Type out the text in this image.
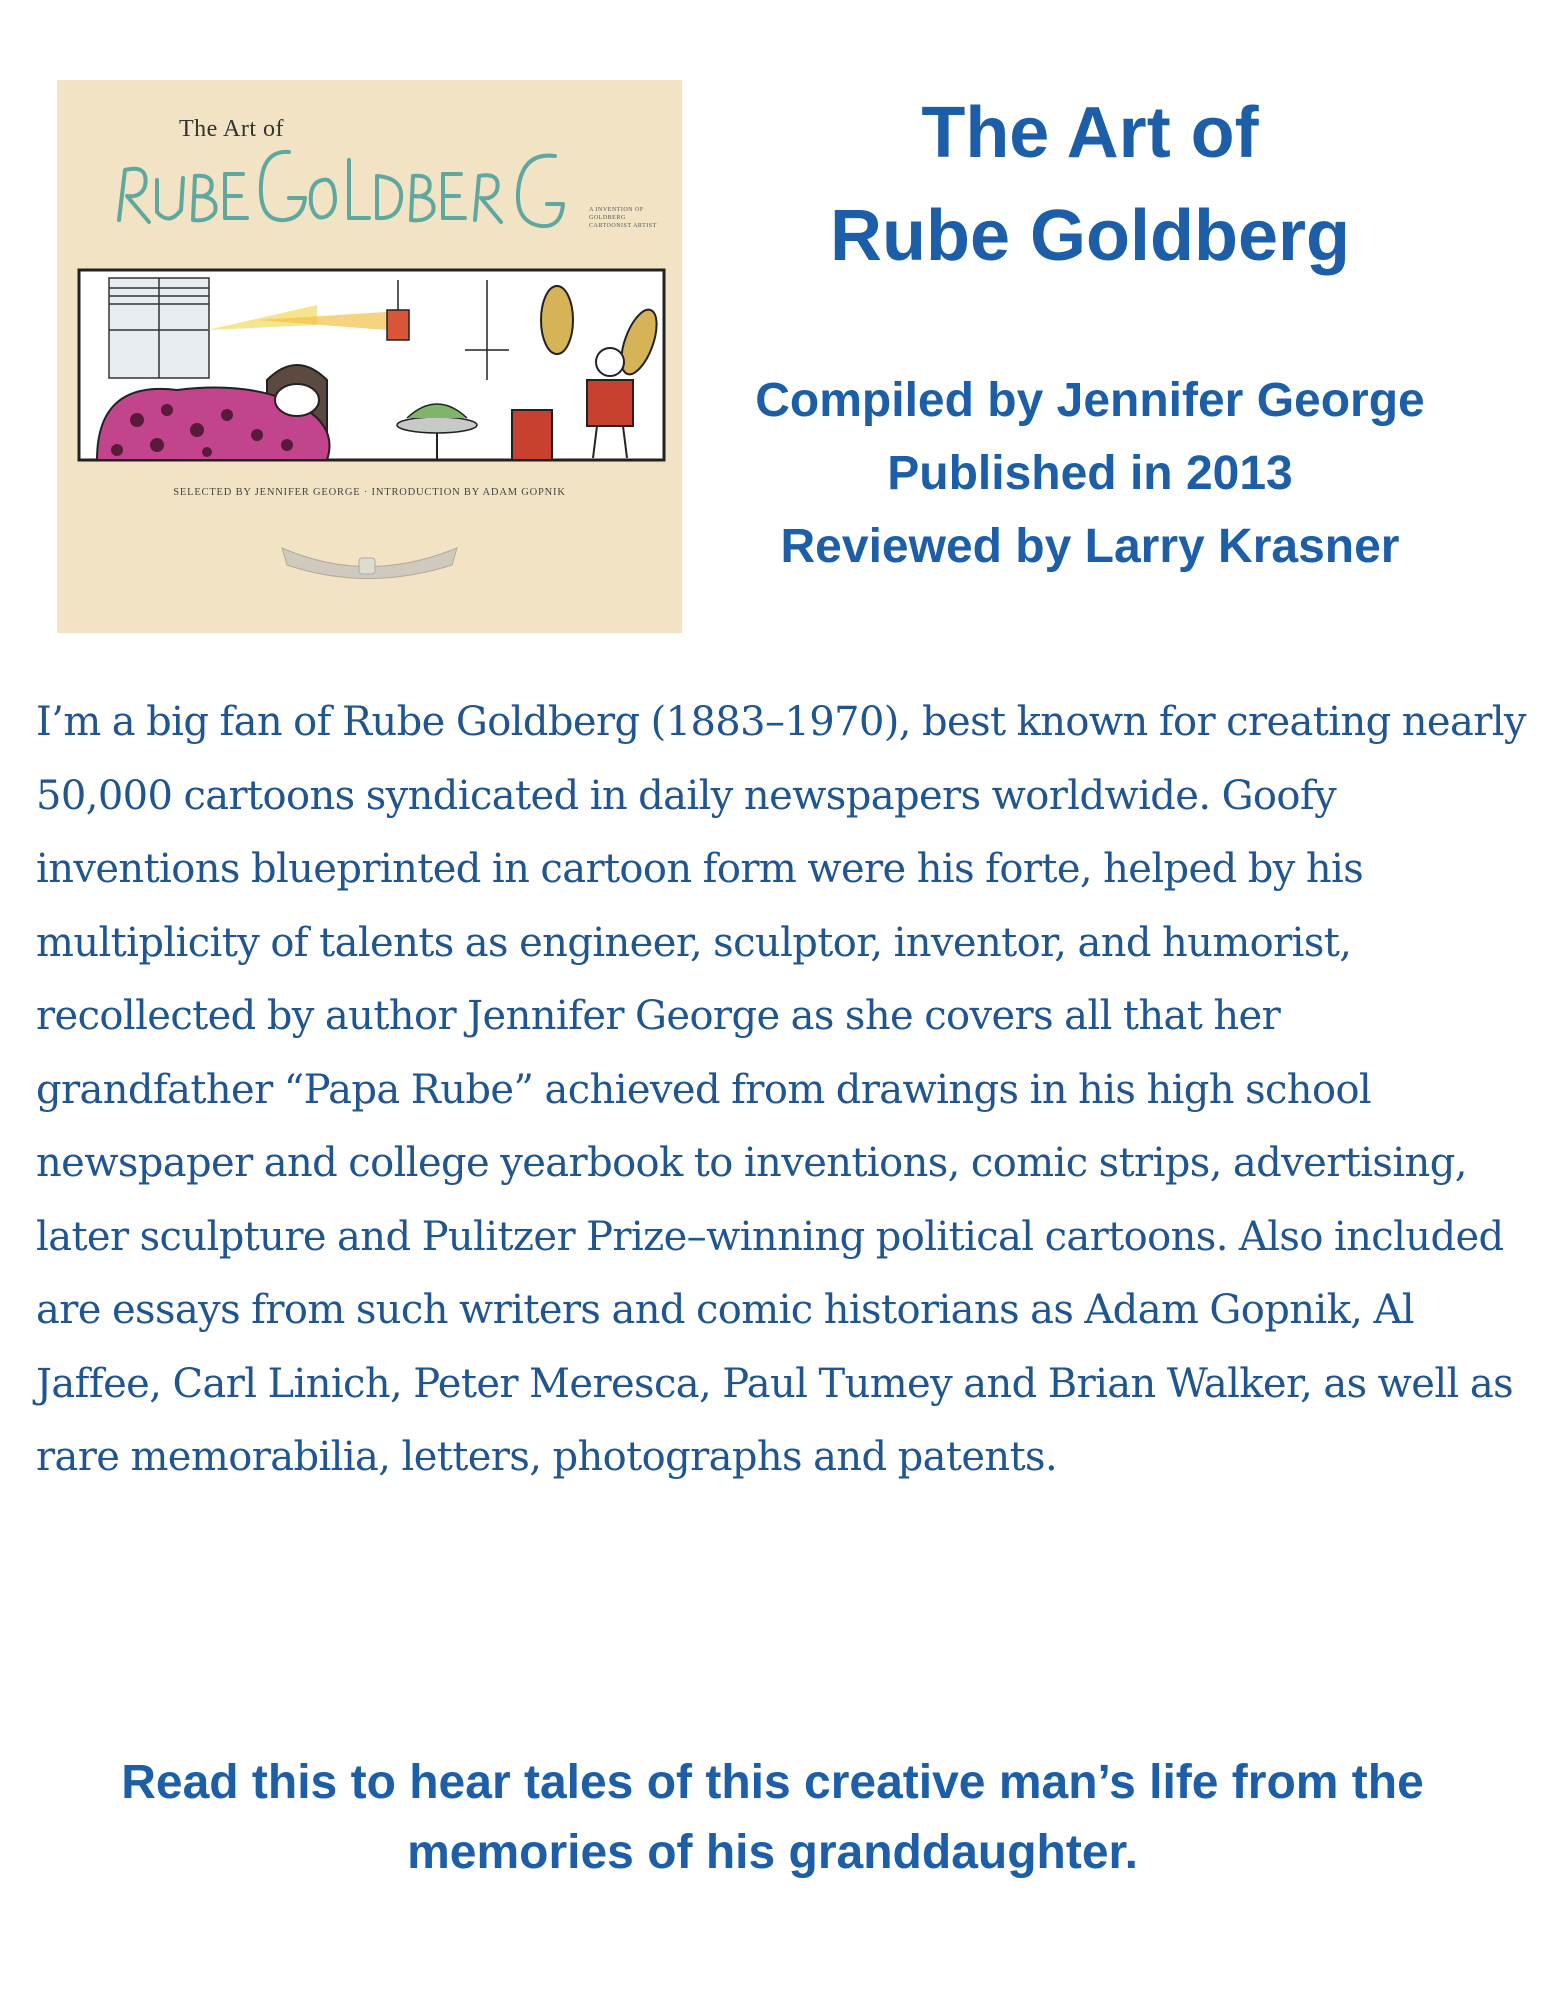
The Art of
A INVENTION OF GOLDBERG CARTOONIST ARTIST
SELECTED BY JENNIFER GEORGE · INTRODUCTION BY ADAM GOPNIK
The Art of
Rube Goldberg
Compiled by Jennifer George
Published in 2013
Reviewed by Larry Krasner

I’m a big fan of Rube Goldberg (1883–1970), best known for creating nearly 50,000 cartoons syndicated in daily newspapers worldwide. Goofy inventions blueprinted in cartoon form were his forte, helped by his multiplicity of talents as engineer, sculptor, inventor, and humorist, recollected by author Jennifer George as she covers all that her grandfather “Papa Rube” achieved from drawings in his high school newspaper and college yearbook to inventions, comic strips, advertising, later sculpture and Pulitzer Prize–winning political cartoons. Also included are essays from such writers and comic historians as Adam Gopnik, Al Jaffee, Carl Linich, Peter Meresca, Paul Tumey and Brian Walker, as well as rare memorabilia, letters, photographs and patents.

Read this to hear tales of this creative man’s life from the memories of his granddaughter.
